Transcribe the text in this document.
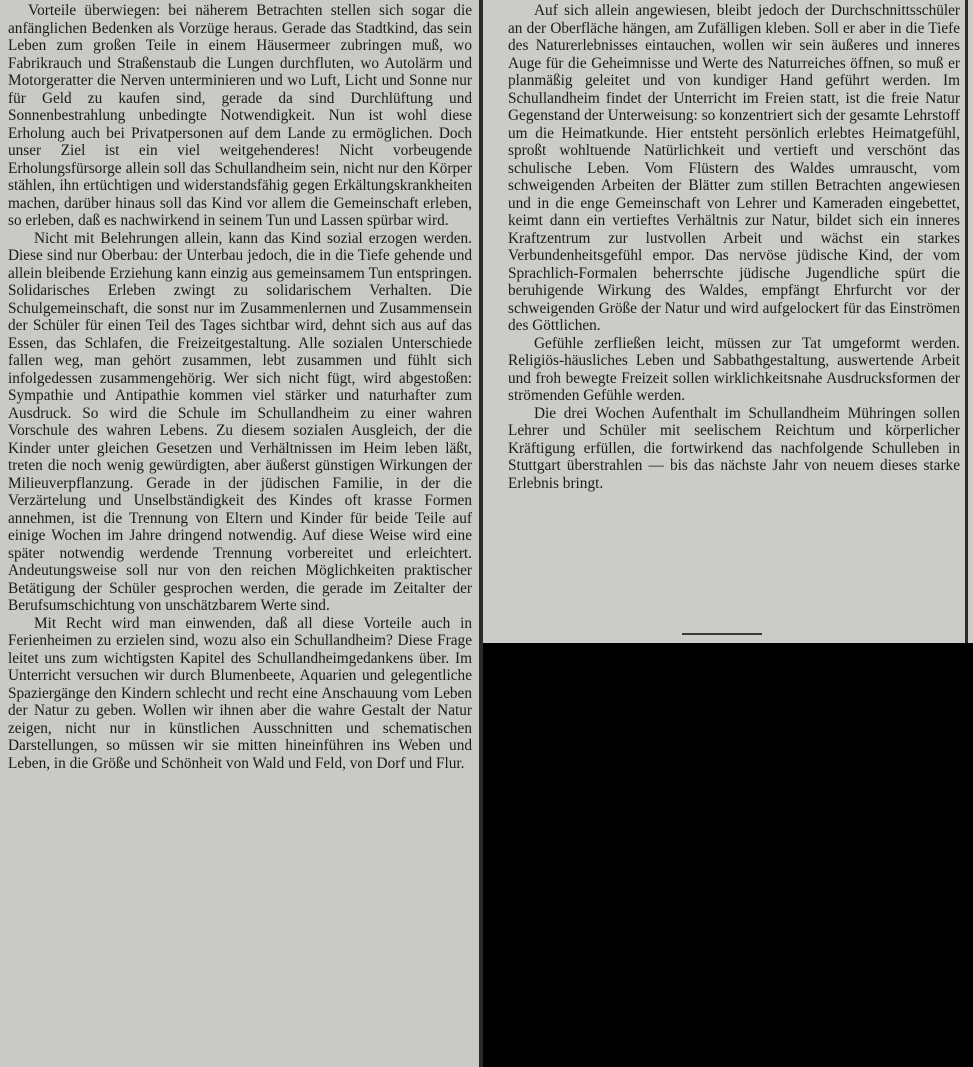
Vorteile überwiegen: bei näherem Betrachten stellen sich sogar die anfänglichen Bedenken als Vorzüge heraus. Gerade das Stadtkind, das sein Leben zum großen Teile in einem Häusermeer zubringen muß, wo Fabrikrauch und Straßenstaub die Lungen durchfluten, wo Autolärm und Motorgeratter die Nerven unterminieren und wo Luft, Licht und Sonne nur für Geld zu kaufen sind, gerade da sind Durchlüftung und Sonnenbestrahlung unbedingte Notwendigkeit. Nun ist wohl diese Erholung auch bei Privatpersonen auf dem Lande zu ermöglichen. Doch unser Ziel ist ein viel weitgehenderes! Nicht vorbeugende Erholungsfürsorge allein soll das Schullandheim sein, nicht nur den Körper stählen, ihn ertüchtigen und widerstandsfähig gegen Erkältungskrankheiten machen, darüber hinaus soll das Kind vor allem die Gemeinschaft erleben, so erleben, daß es nachwirkend in seinem Tun und Lassen spürbar wird.

Nicht mit Belehrungen allein, kann das Kind sozial erzogen werden. Diese sind nur Oberbau: der Unterbau jedoch, die in die Tiefe gehende und allein bleibende Erziehung kann einzig aus gemeinsamem Tun entspringen. Solidarisches Erleben zwingt zu solidarischem Verhalten. Die Schulgemeinschaft, die sonst nur im Zusammenlernen und Zusammensein der Schüler für einen Teil des Tages sichtbar wird, dehnt sich aus auf das Essen, das Schlafen, die Freizeitgestaltung. Alle sozialen Unterschiede fallen weg, man gehört zusammen, lebt zusammen und fühlt sich infolgedessen zusammengehörig. Wer sich nicht fügt, wird abgestoßen: Sympathie und Antipathie kommen viel stärker und naturhafter zum Ausdruck. So wird die Schule im Schullandheim zu einer wahren Vorschule des wahren Lebens. Zu diesem sozialen Ausgleich, der die Kinder unter gleichen Gesetzen und Verhältnissen im Heim leben läßt, treten die noch wenig gewürdigten, aber äußerst günstigen Wirkungen der Milieuverpflanzung. Gerade in der jüdischen Familie, in der die Verzärtelung und Unselbständigkeit des Kindes oft krasse Formen annehmen, ist die Trennung von Eltern und Kinder für beide Teile auf einige Wochen im Jahre dringend notwendig. Auf diese Weise wird eine später notwendig werdende Trennung vorbereitet und erleichtert. Andeutungsweise soll nur von den reichen Möglichkeiten praktischer Betätigung der Schüler gesprochen werden, die gerade im Zeitalter der Berufsumschichtung von unschätzbarem Werte sind.

Mit Recht wird man einwenden, daß all diese Vorteile auch in Ferienheimen zu erzielen sind, wozu also ein Schullandheim? Diese Frage leitet uns zum wichtigsten Kapitel des Schullandheimgedankens über. Im Unterricht versuchen wir durch Blumenbeete, Aquarien und gelegentliche Spaziergänge den Kindern schlecht und recht eine Anschauung vom Leben der Natur zu geben. Wollen wir ihnen aber die wahre Gestalt der Natur zeigen, nicht nur in künstlichen Ausschnitten und schematischen Darstellungen, so müssen wir sie mitten hineinführen ins Weben und Leben, in die Größe und Schönheit von Wald und Feld, von Dorf und Flur.

Auf sich allein angewiesen, bleibt jedoch der Durchschnittsschüler an der Oberfläche hängen, am Zufälligen kleben. Soll er aber in die Tiefe des Naturerlebnisses eintauchen, wollen wir sein äußeres und inneres Auge für die Geheimnisse und Werte des Naturreiches öffnen, so muß er planmäßig geleitet und von kundiger Hand geführt werden. Im Schullandheim findet der Unterricht im Freien statt, ist die freie Natur Gegenstand der Unterweisung: so konzentriert sich der gesamte Lehrstoff um die Heimatkunde. Hier entsteht persönlich erlebtes Heimatgefühl, sproßt wohltuende Natürlichkeit und vertieft und verschönt das schulische Leben. Vom Flüstern des Waldes umrauscht, vom schweigenden Arbeiten der Blätter zum stillen Betrachten angewiesen und in die enge Gemeinschaft von Lehrer und Kameraden eingebettet, keimt dann ein vertieftes Verhältnis zur Natur, bildet sich ein inneres Kraftzentrum zur lustvollen Arbeit und wächst ein starkes Verbundenheitsgefühl empor. Das nervöse jüdische Kind, der vom Sprachlich-Formalen beherrschte jüdische Jugendliche spürt die beruhigende Wirkung des Waldes, empfängt Ehrfurcht vor der schweigenden Größe der Natur und wird aufgelockert für das Einströmen des Göttlichen.

Gefühle zerfließen leicht, müssen zur Tat umgeformt werden. Religiös-häusliches Leben und Sabbathgestaltung, auswertende Arbeit und froh bewegte Freizeit sollen wirklichkeitsnahe Ausdrucksformen der strömenden Gefühle werden.

Die drei Wochen Aufenthalt im Schullandheim Mühringen sollen Lehrer und Schüler mit seelischem Reichtum und körperlicher Kräftigung erfüllen, die fortwirkend das nachfolgende Schulleben in Stuttgart überstrahlen — bis das nächste Jahr von neuem dieses starke Erlebnis bringt.
